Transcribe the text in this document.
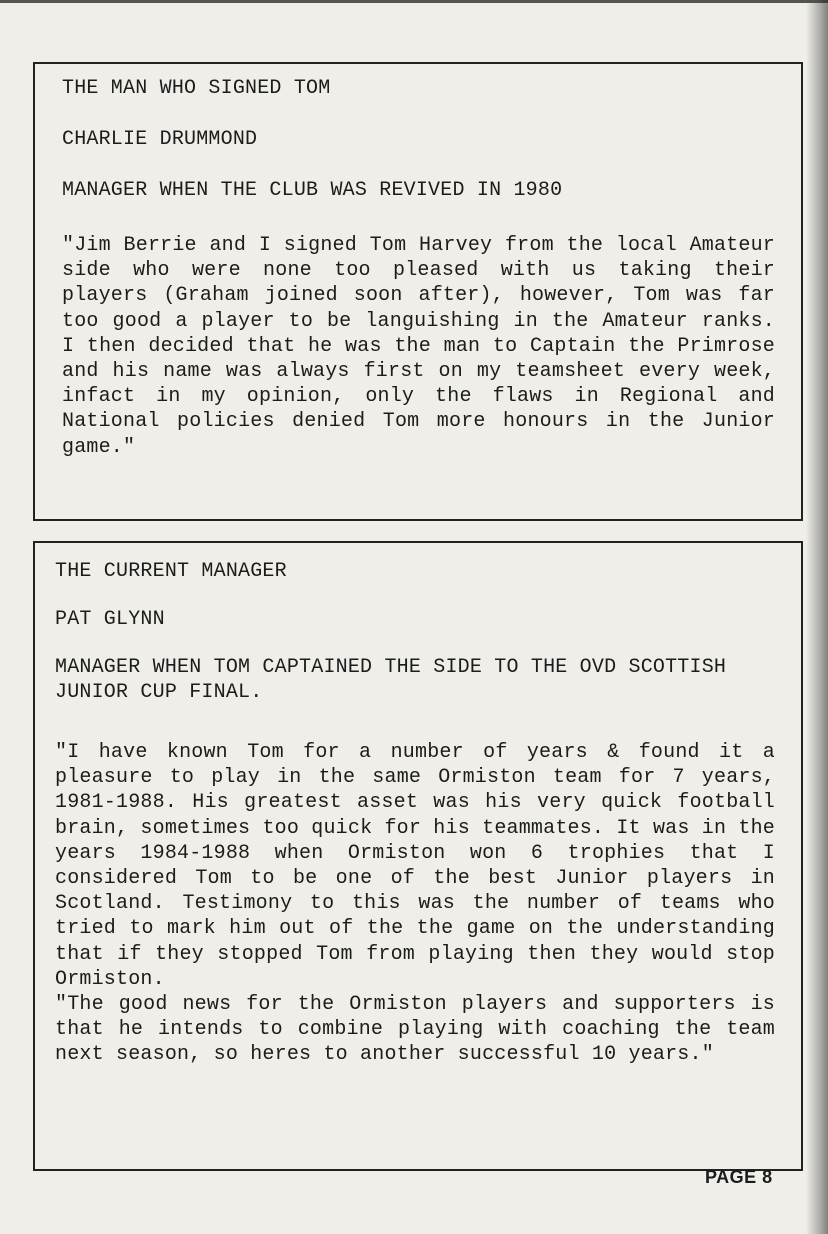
THE MAN WHO SIGNED TOM

CHARLIE DRUMMOND

MANAGER WHEN THE CLUB WAS REVIVED IN 1980

"Jim Berrie and I signed Tom Harvey from the local Amateur side who were none too pleased with us taking their players (Graham joined soon after), however, Tom was far too good a player to be languishing in the Amateur ranks. I then decided that he was the man to Captain the Primrose and his name was always first on my teamsheet every week, infact in my opinion, only the flaws in Regional and National policies denied Tom more honours in the Junior game."

THE CURRENT MANAGER

PAT GLYNN

MANAGER WHEN TOM CAPTAINED THE SIDE TO THE OVD SCOTTISH JUNIOR CUP FINAL.

"I have known Tom for a number of years & found it a pleasure to play in the same Ormiston team for 7 years, 1981-1988. His greatest asset was his very quick football brain, sometimes too quick for his teammates. It was in the years 1984-1988 when Ormiston won 6 trophies that I considered Tom to be one of the best Junior players in Scotland. Testimony to this was the number of teams who tried to mark him out of the the game on the understanding that if they stopped Tom from playing then they would stop Ormiston.

"The good news for the Ormiston players and supporters is that he intends to combine playing with coaching the team next season, so heres to another successful 10 years."

PAGE 8
